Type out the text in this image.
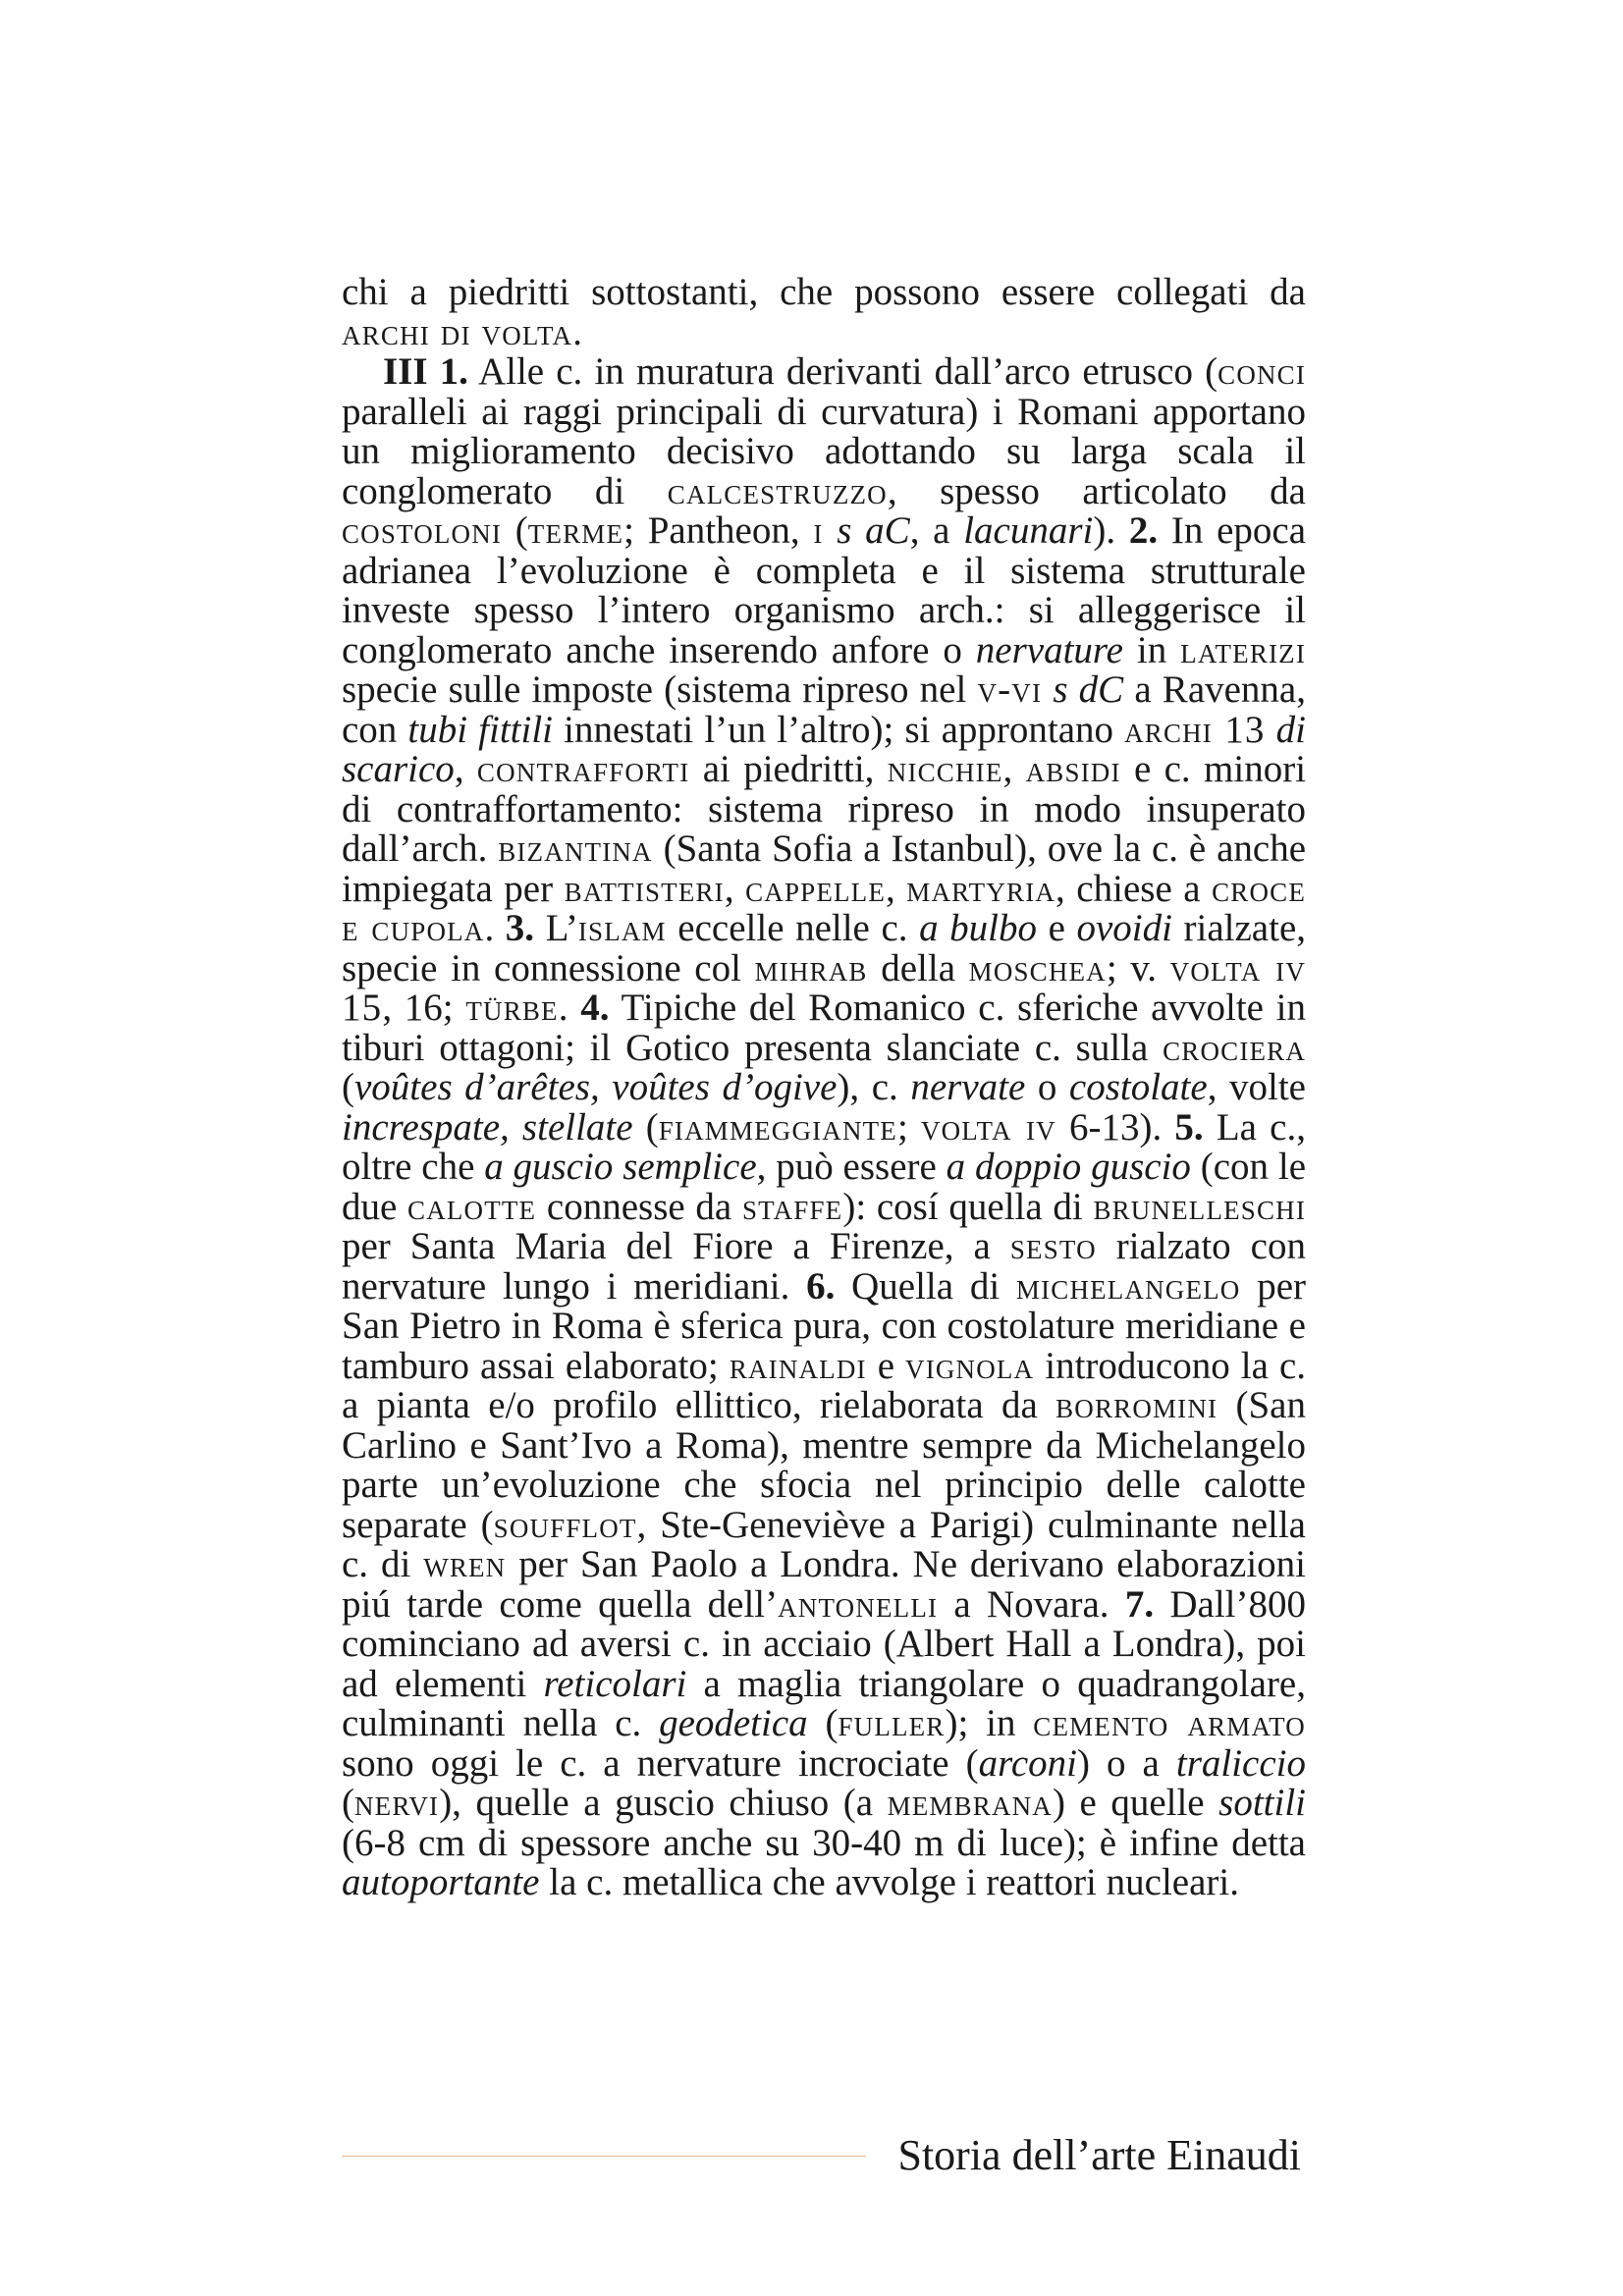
chi a piedritti sottostanti, che possono essere collegati da archi di volta.

III 1. Alle c. in muratura derivanti dall’arco etrusco (conci paralleli ai raggi principali di curvatura) i Romani apportano un miglioramento decisivo adottando su larga scala il conglomerato di calcestruzzo, spesso articolato da costoloni (terme; Pantheon, i s aC, a lacunari). 2. In epoca adrianea l’evoluzione è completa e il sistema strutturale investe spesso l’intero organismo arch.: si alleggerisce il conglomerato anche inserendo anfore o nervature in laterizi specie sulle imposte (sistema ripreso nel v-vi s dC a Ravenna, con tubi fittili innestati l’un l’altro); si approntano archi 13 di scarico, contrafforti ai piedritti, nicchie, absidi e c. minori di contraffortamento: sistema ripreso in modo insuperato dall’arch. bizantina (Santa Sofia a Istanbul), ove la c. è anche impiegata per battisteri, cappelle, martyria, chiese a croce e cupola. 3. L’islam eccelle nelle c. a bulbo e ovoidi rialzate, specie in connessione col mihrab della moschea; v. volta iv 15, 16; türbe. 4. Tipiche del Romanico c. sferiche avvolte in tiburi ottagoni; il Gotico presenta slanciate c. sulla crociera (voûtes d’arêtes, voûtes d’ogive), c. nervate o costolate, volte increspate, stellate (fiammeggiante; volta iv 6-13). 5. La c., oltre che a guscio semplice, può essere a doppio guscio (con le due calotte connesse da staffe): cosí quella di brunelleschi per Santa Maria del Fiore a Firenze, a sesto rialzato con nervature lungo i meridiani. 6. Quella di michelangelo per San Pietro in Roma è sferica pura, con costolature meridiane e tamburo assai elaborato; rainaldi e vignola introducono la c. a pianta e/o profilo ellittico, rielaborata da borromini (San Carlino e Sant’Ivo a Roma), mentre sempre da Michelangelo parte un’evoluzione che sfocia nel principio delle calotte separate (soufflot, Ste-Geneviève a Parigi) culminante nella c. di wren per San Paolo a Londra. Ne derivano elaborazioni piú tarde come quella dell’antonelli a Novara. 7. Dall’800 cominciano ad aversi c. in acciaio (Albert Hall a Londra), poi ad elementi reticolari a maglia triangolare o quadrangolare, culminanti nella c. geodetica (fuller); in cemento armato sono oggi le c. a nervature incrociate (arconi) o a traliccio (nervi), quelle a guscio chiuso (a membrana) e quelle sottili (6-8 cm di spessore anche su 30-40 m di luce); è infine detta autoportante la c. metallica che avvolge i reattori nucleari.

Storia dell’arte Einaudi
